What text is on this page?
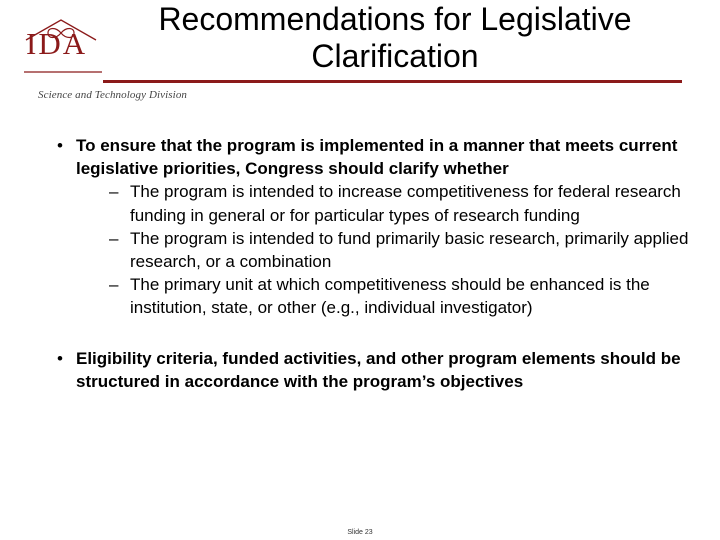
IDA
Science and Technology Division
Recommendations for Legislative
Clarification
• To ensure that the program is implemented in a manner that meets current legislative priorities, Congress should clarify whether
– The program is intended to increase competitiveness for federal research funding in general or for particular types of research funding
– The program is intended to fund primarily basic research, primarily applied research, or a combination
– The primary unit at which competitiveness should be enhanced is the institution, state, or other (e.g., individual investigator)
• Eligibility criteria, funded activities, and other program elements should be structured in accordance with the program’s objectives
Slide 23
